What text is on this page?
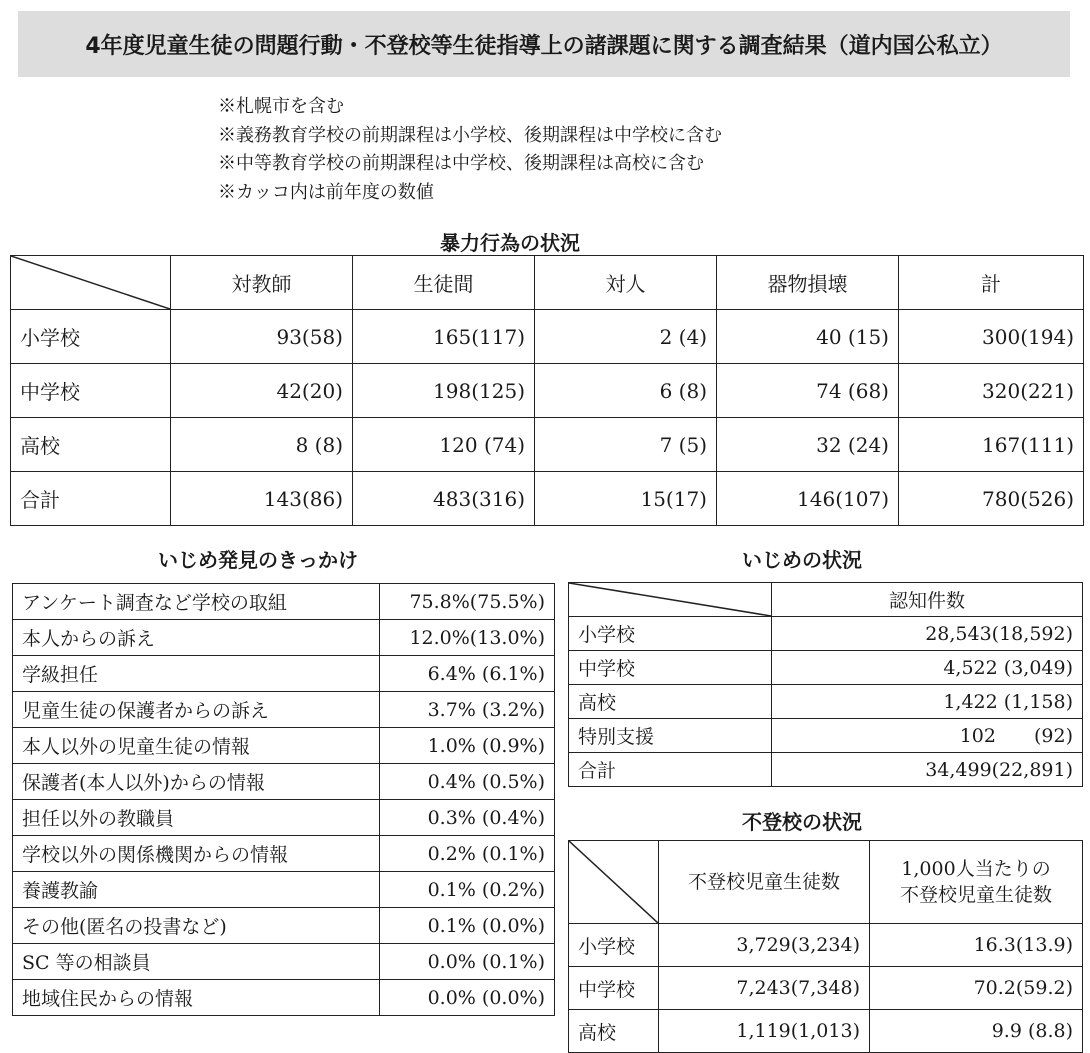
4年度児童生徒の問題行動・不登校等生徒指導上の諸課題に関する調査結果（道内国公私立）
※札幌市を含む
※義務教育学校の前期課程は小学校、後期課程は中学校に含む
※中等教育学校の前期課程は中学校、後期課程は高校に含む
※カッコ内は前年度の数値
暴力行為の状況
	対教師	生徒間	対人	器物損壊	計
小学校	93(58)	165(117)	2 (4)	40 (15)	300(194)
中学校	42(20)	198(125)	6 (8)	74 (68)	320(221)
高校	8 (8)	120 (74)	7 (5)	32 (24)	167(111)
合計	143(86)	483(316)	15(17)	146(107)	780(526)
いじめ発見のきっかけ
アンケート調査など学校の取組	75.8%(75.5%)
本人からの訴え	12.0%(13.0%)
学級担任	6.4% (6.1%)
児童生徒の保護者からの訴え	3.7% (3.2%)
本人以外の児童生徒の情報	1.0% (0.9%)
保護者(本人以外)からの情報	0.4% (0.5%)
担任以外の教職員	0.3% (0.4%)
学校以外の関係機関からの情報	0.2% (0.1%)
養護教諭	0.1% (0.2%)
その他(匿名の投書など)	0.1% (0.0%)
SC 等の相談員	0.0% (0.1%)
地域住民からの情報	0.0% (0.0%)
いじめの状況
	認知件数
小学校	28,543(18,592)
中学校	4,522 (3,049)
高校	1,422 (1,158)
特別支援	102  (92)
合計	34,499(22,891)
不登校の状況
	不登校児童生徒数	1,000人当たりの
不登校児童生徒数

小学校	3,729(3,234)	16.3(13.9)
中学校	7,243(7,348)	70.2(59.2)
高校	1,119(1,013)	9.9 (8.8)
